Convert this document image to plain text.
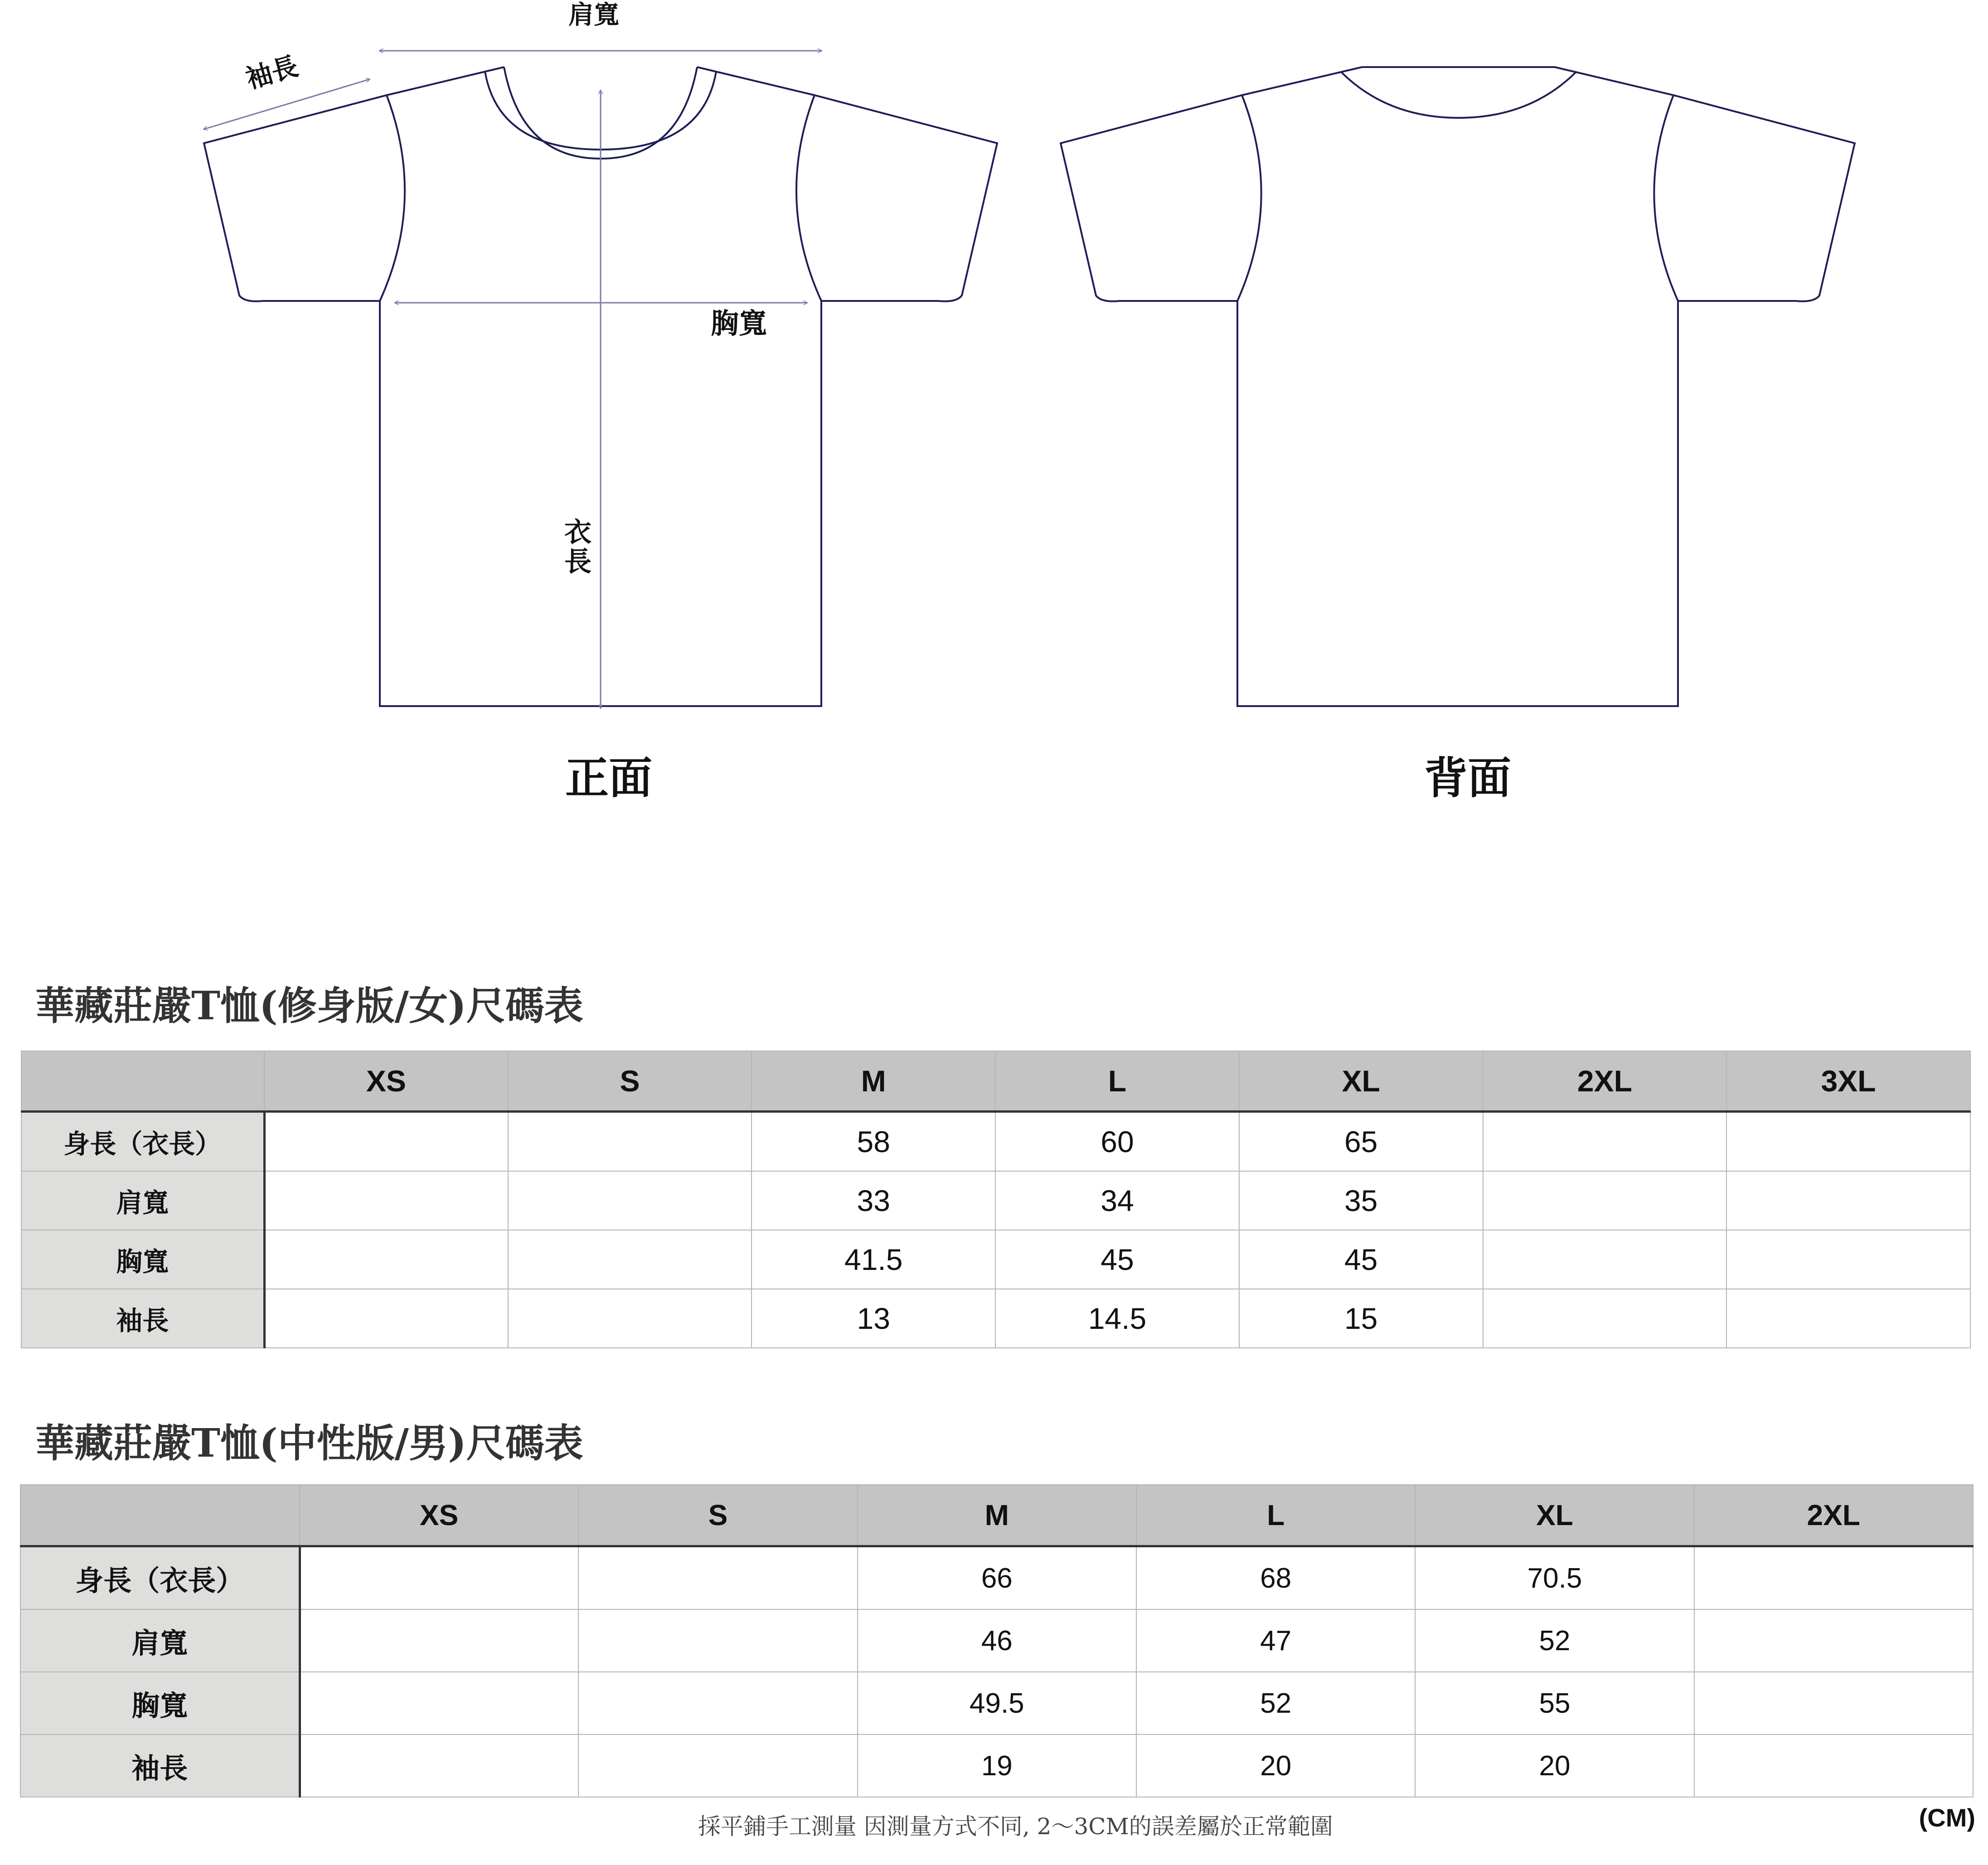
肩寬
袖長
胸寬
衣
長
正面	背面
華藏莊嚴T恤(修身版/女)尺碼表
	XS	S	M	L	XL	2XL	3XL
身長（衣長）			58	60	65		
肩寬			33	34	35		
胸寬			41.5	45	45		
袖長			13	14.5	15		
華藏莊嚴T恤(中性版/男)尺碼表
	XS	S	M	L	XL	2XL
身長（衣長）			66	68	70.5	
肩寬			46	47	52	
胸寬			49.5	52	55	
袖長			19	20	20	
採平鋪手工測量 因測量方式不同, 2～3CM的誤差屬於正常範圍	(CM)
